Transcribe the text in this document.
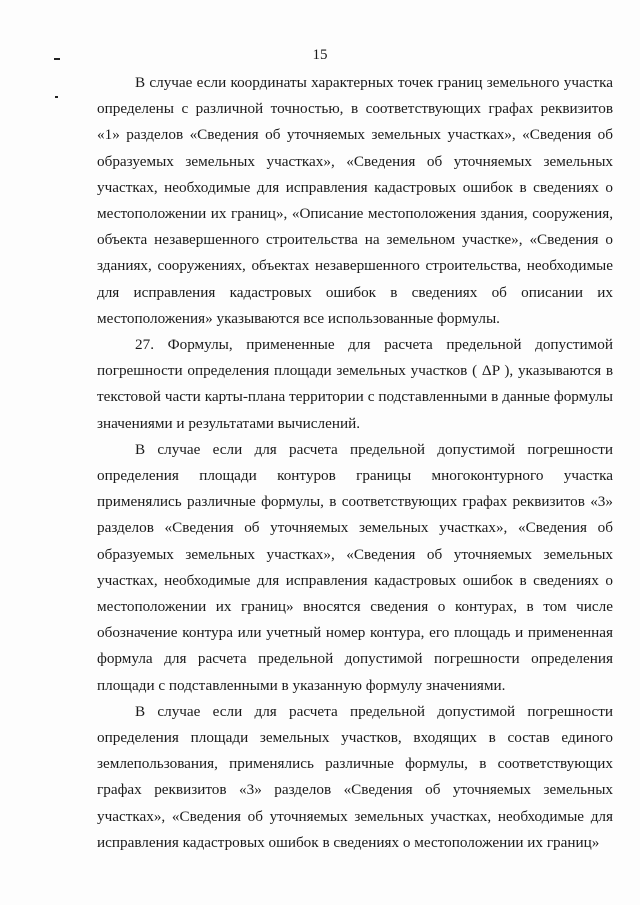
15

В случае если координаты характерных точек границ земельного участка определены с различной точностью, в соответствующих графах реквизитов «1» разделов «Сведения об уточняемых земельных участках», «Сведения об образуемых земельных участках», «Сведения об уточняемых земельных участках, необходимые для исправления кадастровых ошибок в сведениях о местоположении их границ», «Описание местоположения здания, сооружения, объекта незавершенного строительства на земельном участке», «Сведения о зданиях, сооружениях, объектах незавершенного строительства, необходимые для исправления кадастровых ошибок в сведениях об описании их местоположения» указываются все использованные формулы.

27. Формулы, примененные для расчета предельной допустимой погрешности определения площади земельных участков ( ΔP ), указываются в текстовой части карты-плана территории с подставленными в данные формулы значениями и результатами вычислений.

В случае если для расчета предельной допустимой погрешности определения площади контуров границы многоконтурного участка применялись различные формулы, в соответствующих графах реквизитов «3» разделов «Сведения об уточняемых земельных участках», «Сведения об образуемых земельных участках», «Сведения об уточняемых земельных участках, необходимые для исправления кадастровых ошибок в сведениях о местоположении их границ» вносятся сведения о контурах, в том числе обозначение контура или учетный номер контура, его площадь и примененная формула для расчета предельной допустимой погрешности определения площади с подставленными в указанную формулу значениями.

В случае если для расчета предельной допустимой погрешности определения площади земельных участков, входящих в состав единого землепользования, применялись различные формулы, в соответствующих графах реквизитов «3» разделов «Сведения об уточняемых земельных участках», «Сведения об уточняемых земельных участках, необходимые для исправления кадастровых ошибок в сведениях о местоположении их границ»
